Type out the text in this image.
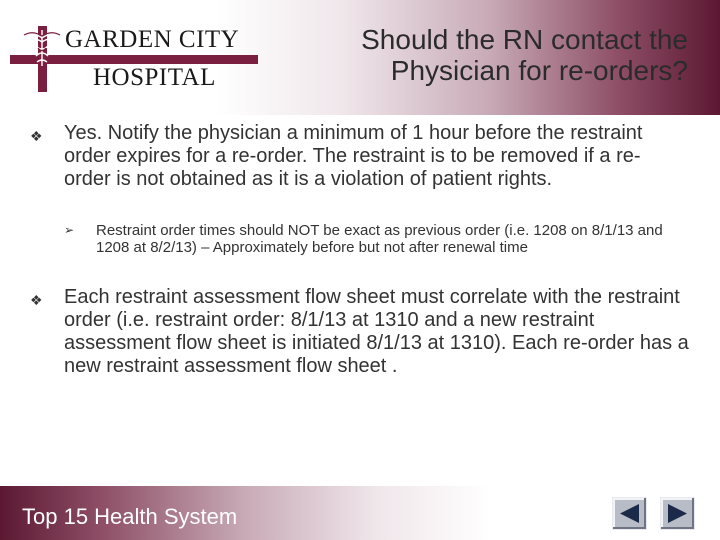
GARDEN CITY
HOSPITAL
Should the RN contact the Physician for re-orders?
❖ Yes. Notify the physician a minimum of 1 hour before the restraint order expires for a re-order. The restraint is to be removed if a re-order is not obtained as it is a violation of patient rights.
➢ Restraint order times should NOT be exact as previous order (i.e. 1208 on 8/1/13 and 1208 at 8/2/13) – Approximately before but not after renewal time
❖ Each restraint assessment flow sheet must correlate with the restraint order (i.e. restraint order: 8/1/13 at 1310 and a new restraint assessment flow sheet is initiated 8/1/13 at 1310). Each re-order has a new restraint assessment flow sheet .
Top 15 Health System
